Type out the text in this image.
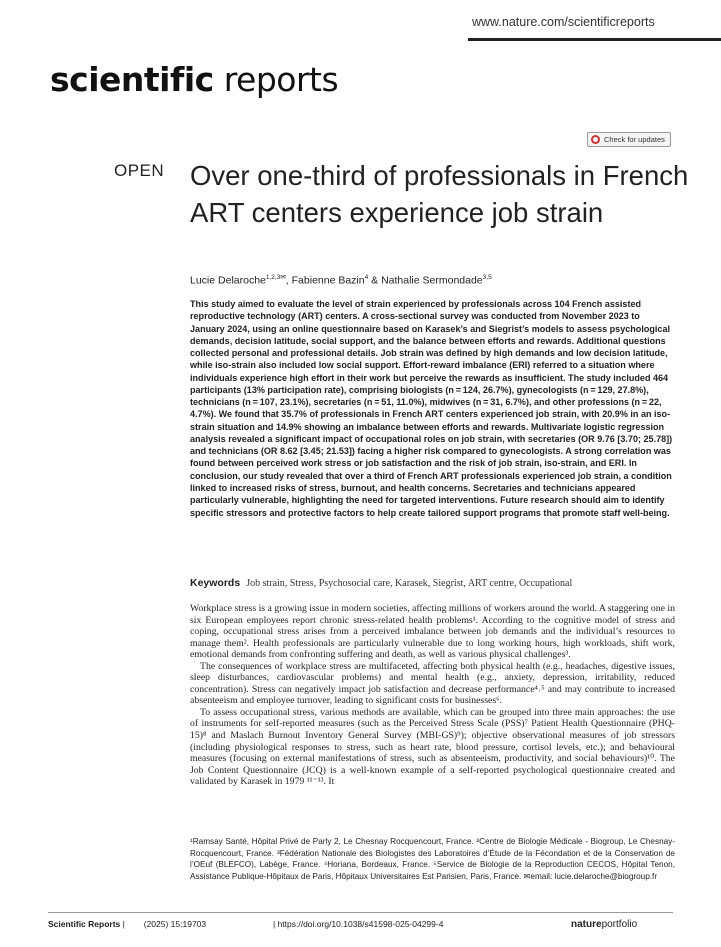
www.nature.com/scientificreports
scientific reports
Check for updates
OPEN Over one-third of professionals in French ART centers experience job strain
Lucie Delaroche$^{1,2,3✉}$, Fabienne Bazin$^4$ & Nathalie Sermondade$^{3,5}$

This study aimed to evaluate the level of strain experienced by professionals across 104 French assisted reproductive technology (ART) centers. A cross-sectional survey was conducted from November 2023 to January 2024, using an online questionnaire based on Karasek’s and Siegrist’s models to assess psychological demands, decision latitude, social support, and the balance between efforts and rewards. Additional questions collected personal and professional details. Job strain was defined by high demands and low decision latitude, while iso-strain also included low social support. Effort-reward imbalance (ERI) referred to a situation where individuals experience high effort in their work but perceive the rewards as insufficient. The study included 464 participants (13% participation rate), comprising biologists (n = 124, 26.7%), gynecologists (n = 129, 27.8%), technicians (n = 107, 23.1%), secretaries (n = 51, 11.0%), midwives (n = 31, 6.7%), and other professions (n = 22, 4.7%). We found that 35.7% of professionals in French ART centers experienced job strain, with 20.9% in an iso-strain situation and 14.9% showing an imbalance between efforts and rewards. Multivariate logistic regression analysis revealed a significant impact of occupational roles on job strain, with secretaries (OR 9.76 [3.70; 25.78]) and technicians (OR 8.62 [3.45; 21.53]) facing a higher risk compared to gynecologists. A strong correlation was found between perceived work stress or job satisfaction and the risk of job strain, iso-strain, and ERI. In conclusion, our study revealed that over a third of French ART professionals experienced job strain, a condition linked to increased risks of stress, burnout, and health concerns. Secretaries and technicians appeared particularly vulnerable, highlighting the need for targeted interventions. Future research should aim to identify specific stressors and protective factors to help create tailored support programs that promote staff well-being.

Keywords Job strain, Stress, Psychosocial care, Karasek, Siegrist, ART centre, Occupational

Workplace stress is a growing issue in modern societies, affecting millions of workers around the world. A staggering one in six European employees report chronic stress-related health problems¹. According to the cognitive model of stress and coping, occupational stress arises from a perceived imbalance between job demands and the individual’s resources to manage them². Health professionals are particularly vulnerable due to long working hours, high workloads, shift work, emotional demands from confronting suffering and death, as well as various physical challenges³.

The consequences of workplace stress are multifaceted, affecting both physical health (e.g., headaches, digestive issues, sleep disturbances, cardiovascular problems) and mental health (e.g., anxiety, depression, irritability, reduced concentration). Stress can negatively impact job satisfaction and decrease performance⁴˒⁵ and may contribute to increased absenteeism and employee turnover, leading to significant costs for businesses⁶.

To assess occupational stress, various methods are available, which can be grouped into three main approaches: the use of instruments for self-reported measures (such as the Perceived Stress Scale (PSS)⁷ Patient Health Questionnaire (PHQ-15)⁸ and Maslach Burnout Inventory General Survey (MBI-GS)⁹); objective observational measures of job stressors (including physiological responses to stress, such as heart rate, blood pressure, cortisol levels, etc.); and behavioural measures (focusing on external manifestations of stress, such as absenteeism, productivity, and social behaviours)¹⁰. The Job Content Questionnaire (JCQ) is a well-known example of a self-reported psychological questionnaire created and validated by Karasek in 1979 ¹¹⁻¹³. It

¹Ramsay Santé, Hôpital Privé de Parly 2, Le Chesnay Rocquencourt, France. ²Centre de Biologie Médicale - Biogroup, Le Chesnay-Rocquencourt, France. ³Fédération Nationale des Biologistes des Laboratoires d’Étude de la Fécondation et de la Conservation de l’OEuf (BLEFCO), Labège, France. ⁴Horiana, Bordeaux, France. ⁵Service de Biologie de la Reproduction CECOS, Hôpital Tenon, Assistance Publique-Hôpitaux de Paris, Hôpitaux Universitaires Est Parisien, Paris, France. ✉email: lucie.delaroche@biogroup.fr

Scientific Reports |        (2025) 15:19703	| https://doi.org/10.1038/s41598-025-04299-4	natureportfolio
